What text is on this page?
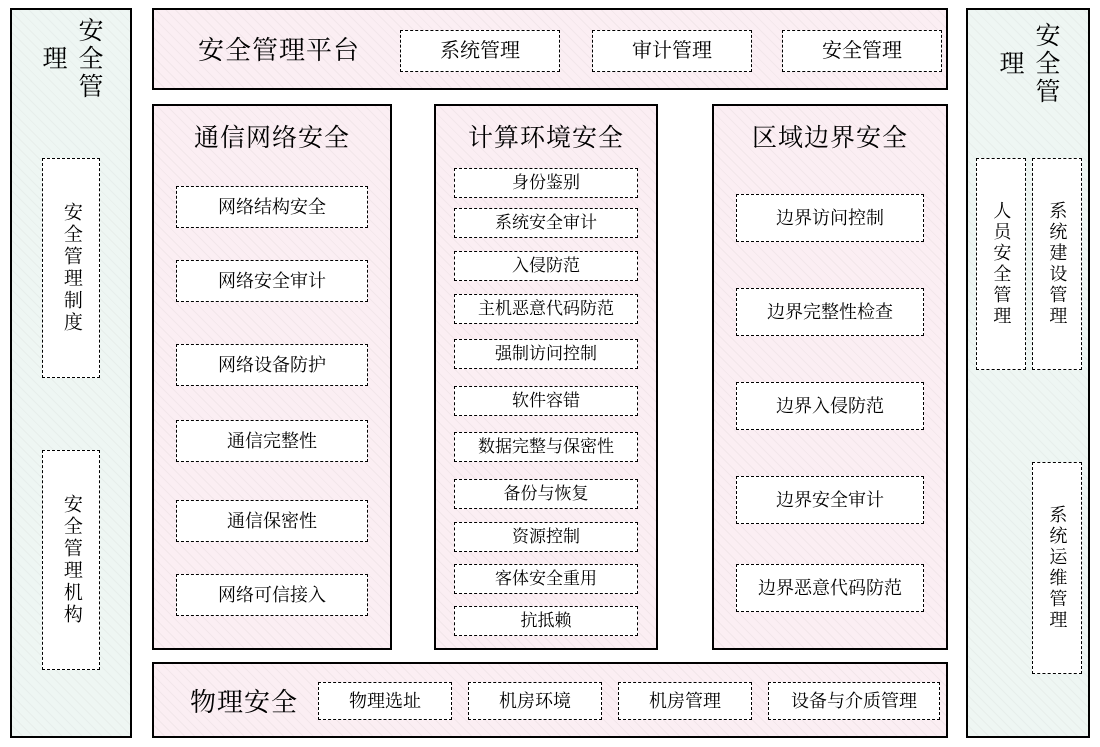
安全管理
安全管理制度
安全管理机构
安全管理
人员安全管理	系统建设管理
系统运维管理
安全管理平台	系统管理	审计管理	安全管理
通信网络安全
网络结构安全
网络安全审计
网络设备防护
通信完整性
通信保密性
网络可信接入
计算环境安全
身份鉴别
系统安全审计
入侵防范
主机恶意代码防范
强制访问控制
软件容错
数据完整与保密性
备份与恢复
资源控制
客体安全重用
抗抵赖
区域边界安全
边界访问控制
边界完整性检查
边界入侵防范
边界安全审计
边界恶意代码防范
物理安全	物理选址	机房环境	机房管理	设备与介质管理
